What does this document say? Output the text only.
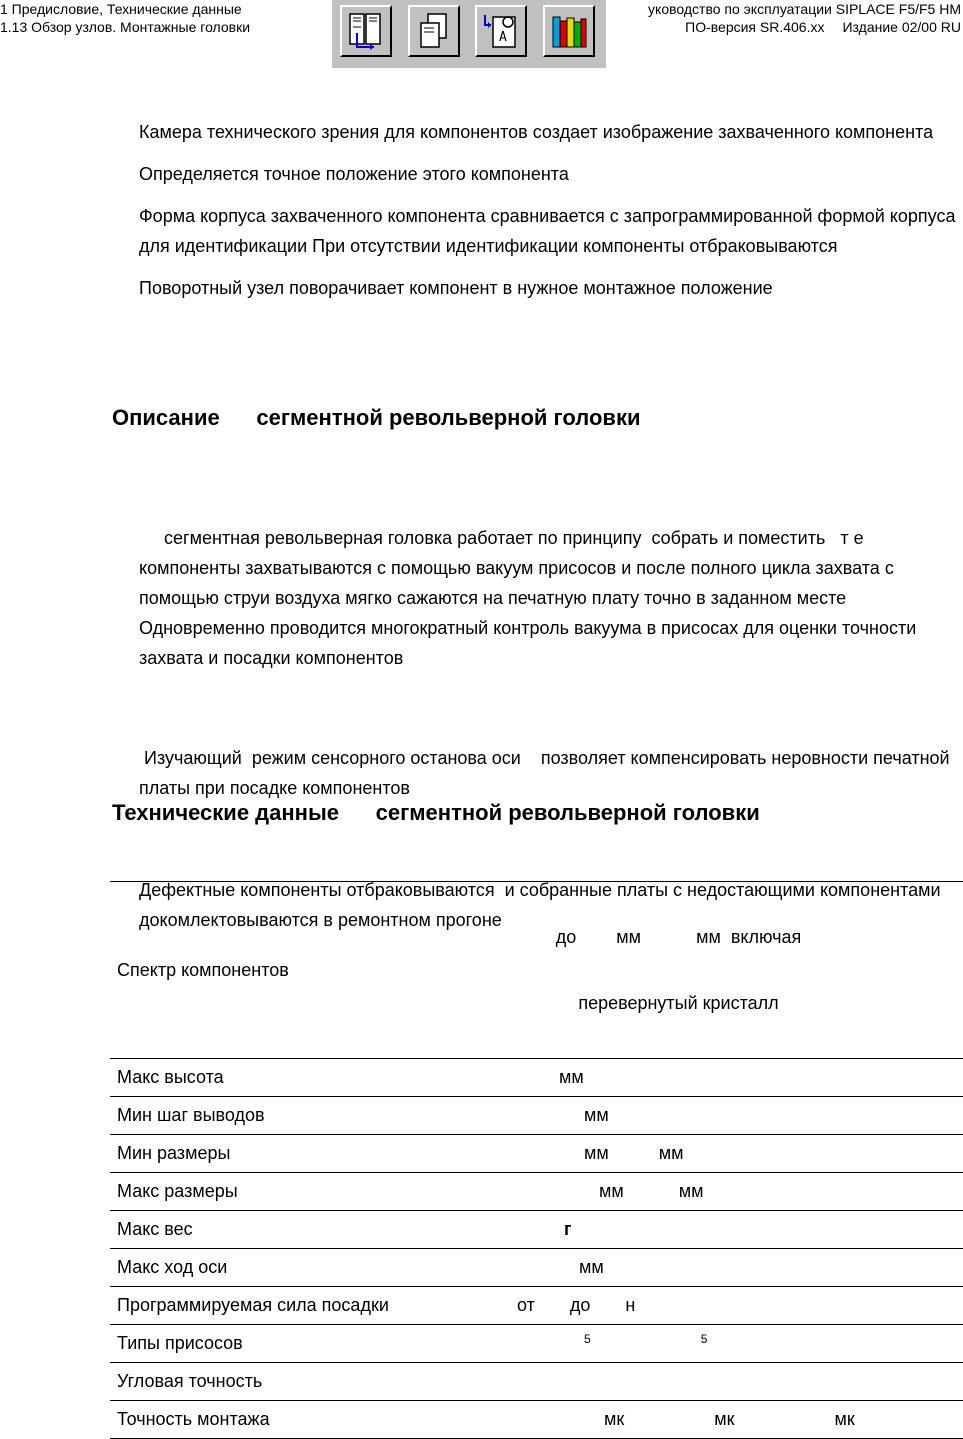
1 Предисловие, Технические данные
1.13 Обзор узлов. Монтажные головки
уководство по эксплуатации SIPLACE F5/F5 HM
ПО-версия SR.406.xx Издание 02/00 RU
A

Камера технического зрения для компонентов создает изображение захваченного компонента

Определяется точное положение этого компонента

Форма корпуса захваченного компонента сравнивается с запрограммированной формой корпуса для идентификации При отсутствии идентификации компоненты отбраковываются

Поворотный узел поворачивает компонент в нужное монтажное положение

Описание      сегментной револьверной головки

сегментная револьверная головка работает по принципу  собрать и поместить   т е компоненты захватываются с помощью вакуум присосов и после полного цикла захвата с помощью струи воздуха мягко сажаются на печатную плату точно в заданном месте Одновременно проводится многократный контроль вакуума в присосах для оценки точности захвата и посадки компонентов

Изучающий  режим сенсорного останова оси    позволяет компенсировать неровности печатной платы при посадке компонентов

Дефектные компоненты отбраковываются  и собранные платы с недостающими компонентами докомлектовываются в ремонтном прогоне

Технические данные      сегментной револьверной головки
Спектр компонентов	до        мм           мм  включая

перевернутый кристалл

Макс высота	мм
Мин шаг выводов	мм
Мин размеры	мм          мм
Макс размеры	мм           мм
Макс вес	г
Макс ход оси	мм
Программируемая сила посадки	от       до       н
Типы присосов	$^5$ $^5$
Угловая точность	
Точность монтажа	мк                  мк                    мк
